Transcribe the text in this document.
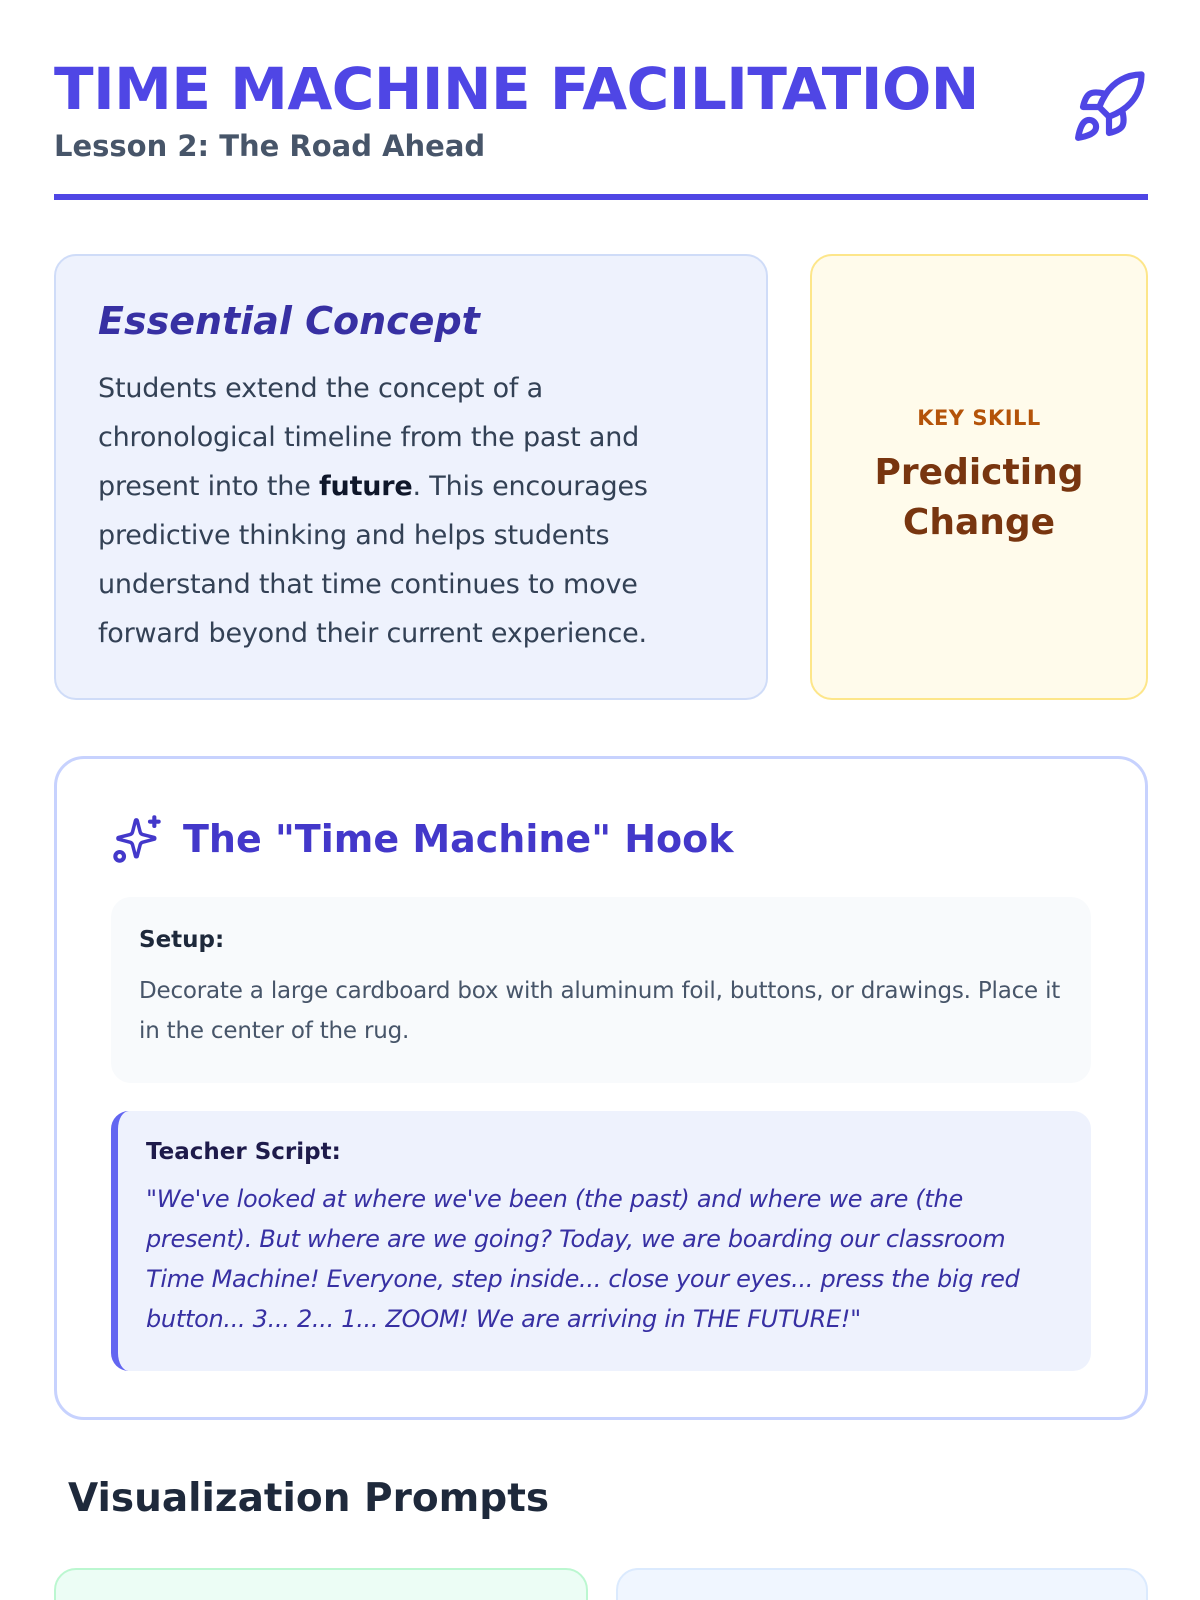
TIME MACHINE FACILITATION
Lesson 2: The Road Ahead
Essential Concept

Students extend the concept of a chronological timeline from the past and present into the future. This encourages predictive thinking and helps students understand that time continues to move forward beyond their current experience.

KEY SKILL
Predicting Change
The "Time Machine" Hook
Setup:
Decorate a large cardboard box with aluminum foil, buttons, or drawings. Place it in the center of the rug.
Teacher Script:
"We've looked at where we've been (the past) and where we are (the present). But where are we going? Today, we are boarding our classroom Time Machine! Everyone, step inside... close your eyes... press the big red button... 3... 2... 1... ZOOM! We are arriving in THE FUTURE!"
Visualization Prompts
